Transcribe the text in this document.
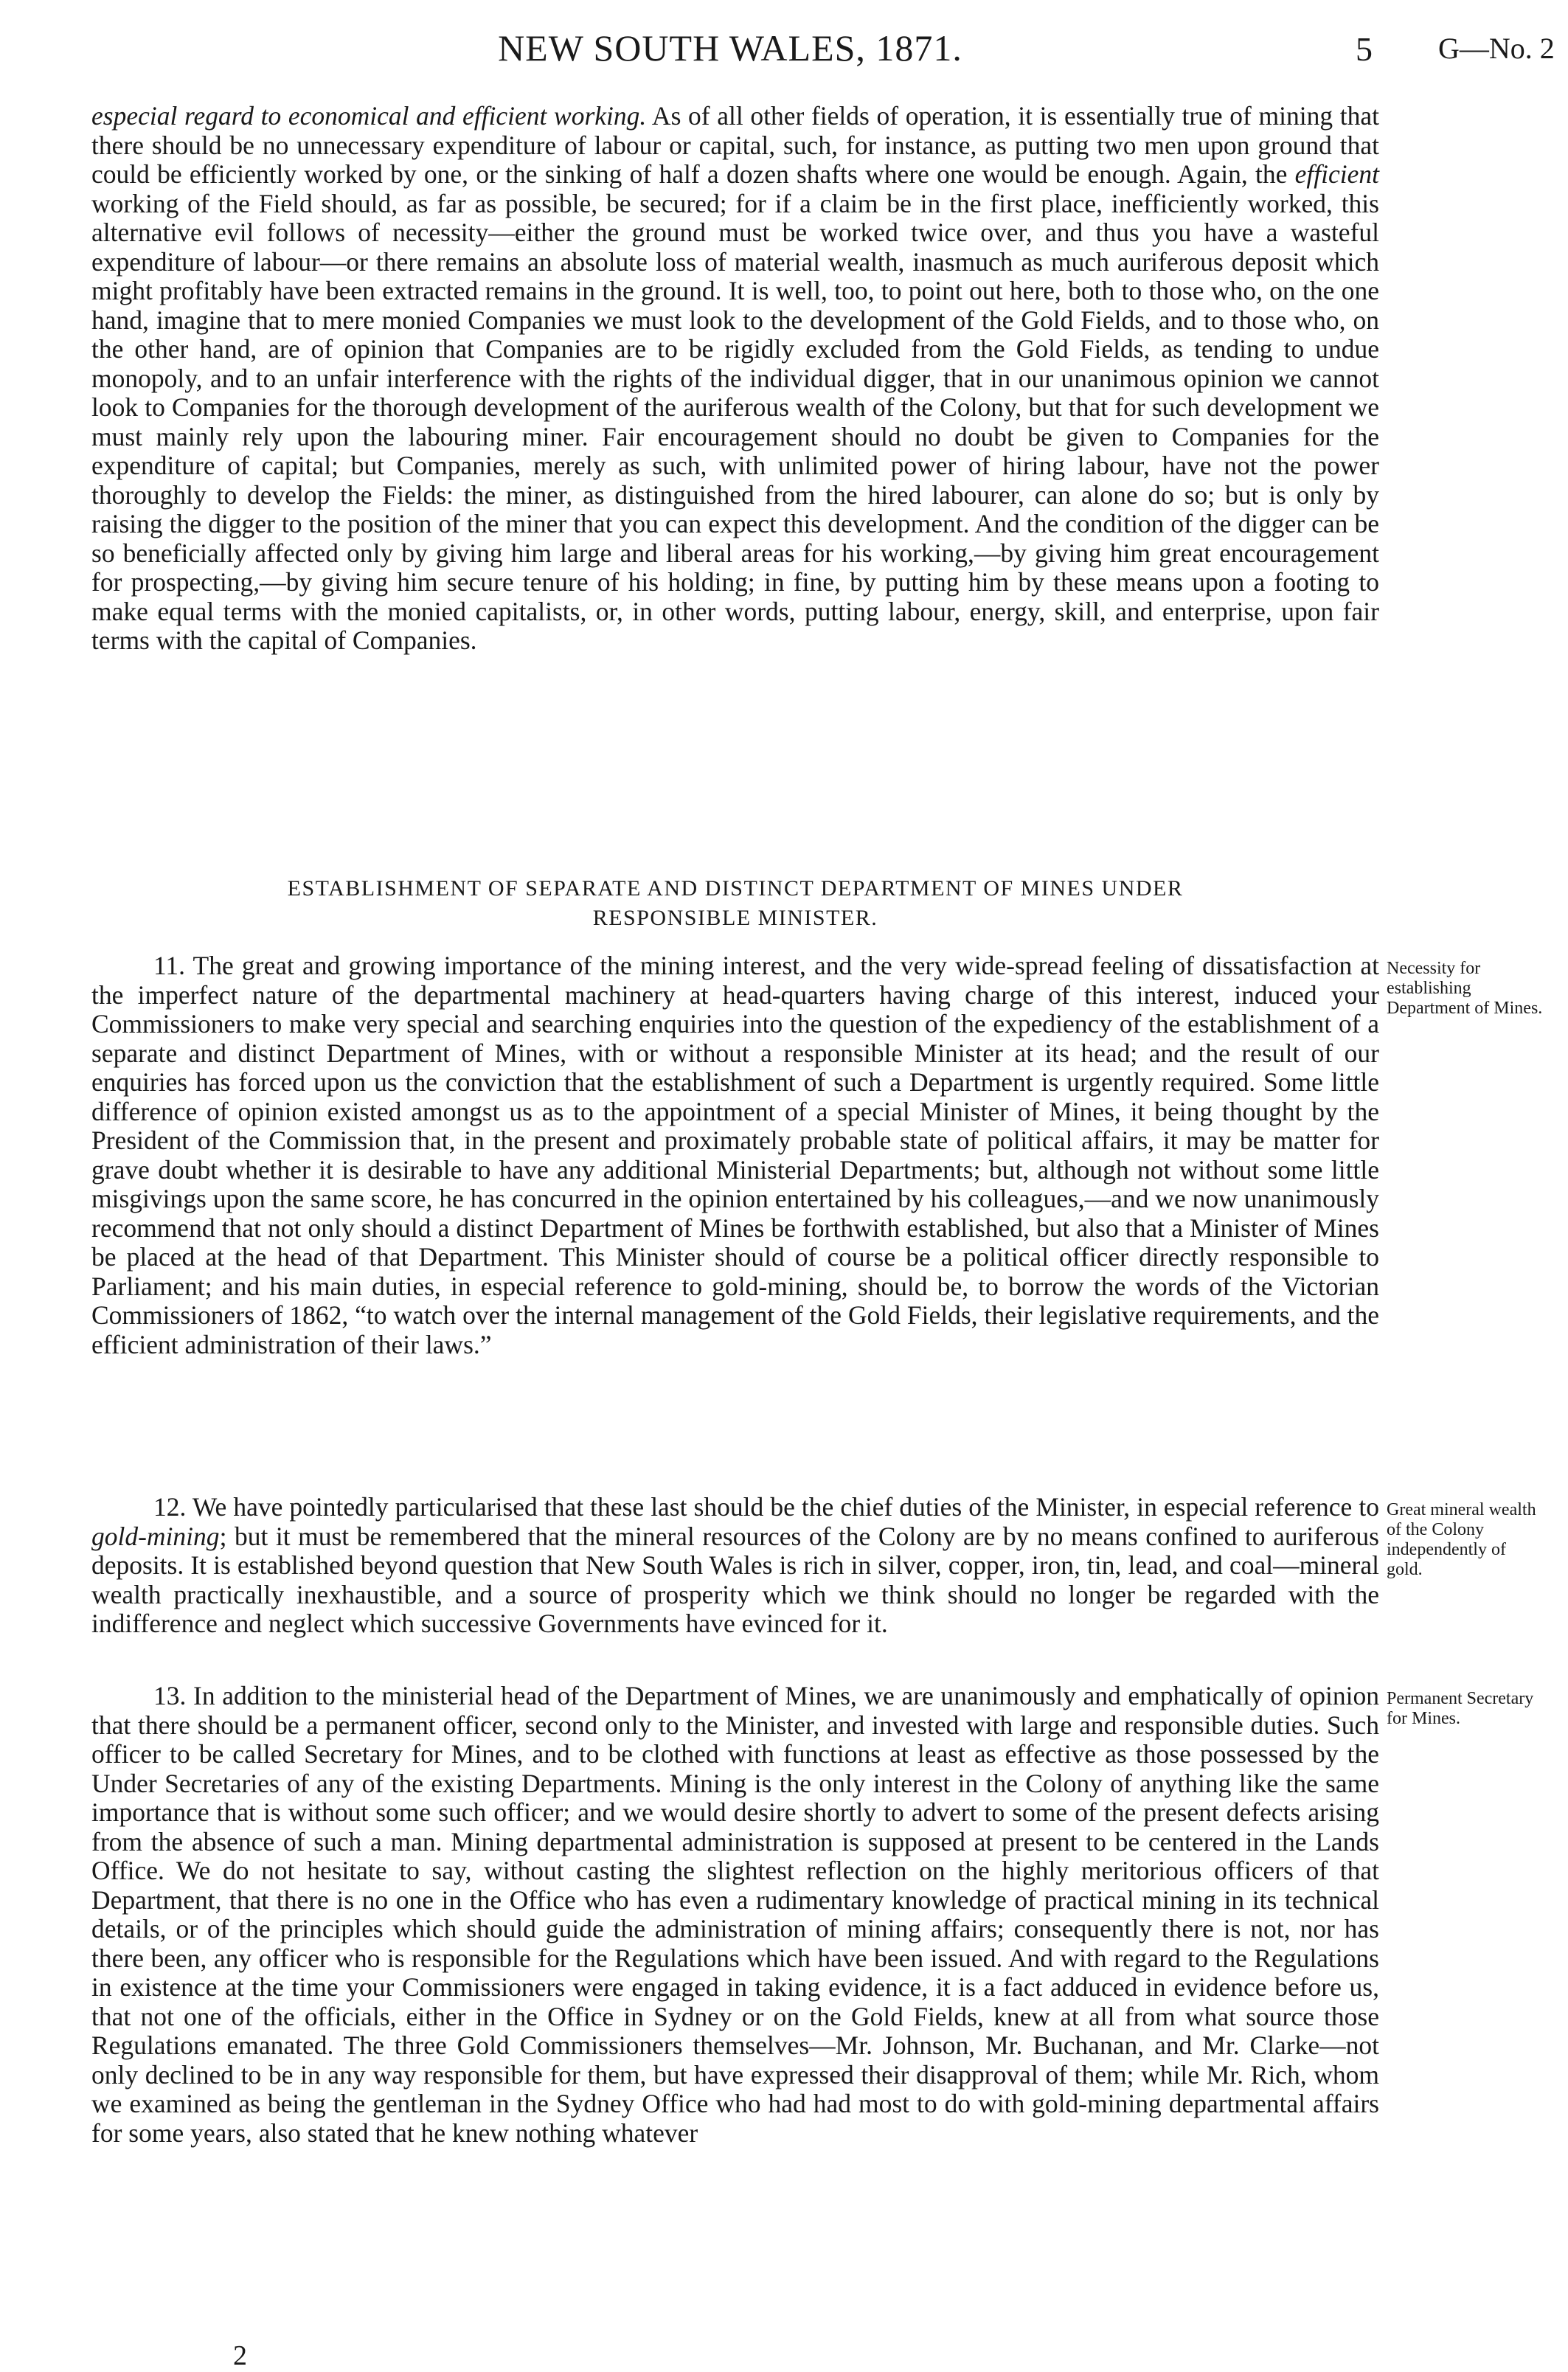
NEW SOUTH WALES, 1871.	5 G—No. 2

especial regard to economical and efficient working. As of all other fields of operation, it is essentially true of mining that there should be no unnecessary expenditure of labour or capital, such, for instance, as putting two men upon ground that could be efficiently worked by one, or the sinking of half a dozen shafts where one would be enough. Again, the efficient working of the Field should, as far as possible, be secured; for if a claim be in the first place, inefficiently worked, this alternative evil follows of necessity—either the ground must be worked twice over, and thus you have a wasteful expenditure of labour—or there remains an absolute loss of material wealth, inasmuch as much auriferous deposit which might profitably have been extracted remains in the ground. It is well, too, to point out here, both to those who, on the one hand, imagine that to mere monied Companies we must look to the development of the Gold Fields, and to those who, on the other hand, are of opinion that Companies are to be rigidly excluded from the Gold Fields, as tending to undue monopoly, and to an unfair interference with the rights of the individual digger, that in our unanimous opinion we cannot look to Companies for the thorough development of the auriferous wealth of the Colony, but that for such development we must mainly rely upon the labouring miner. Fair encouragement should no doubt be given to Companies for the expenditure of capital; but Companies, merely as such, with unlimited power of hiring labour, have not the power thoroughly to develop the Fields: the miner, as distinguished from the hired labourer, can alone do so; but is only by raising the digger to the position of the miner that you can expect this development. And the condition of the digger can be so beneficially affected only by giving him large and liberal areas for his working,—by giving him great encouragement for prospecting,—by giving him secure tenure of his holding; in fine, by putting him by these means upon a footing to make equal terms with the monied capitalists, or, in other words, putting labour, energy, skill, and enterprise, upon fair terms with the capital of Companies.

ESTABLISHMENT OF SEPARATE AND DISTINCT DEPARTMENT OF MINES UNDER
RESPONSIBLE MINISTER.

11. The great and growing importance of the mining interest, and the very wide-spread feeling of dissatisfaction at the imperfect nature of the departmental machinery at head-quarters having charge of this interest, induced your Commissioners to make very special and searching enquiries into the question of the expediency of the establishment of a separate and distinct Department of Mines, with or without a responsible Minister at its head; and the result of our enquiries has forced upon us the conviction that the establishment of such a Department is urgently required. Some little difference of opinion existed amongst us as to the appointment of a special Minister of Mines, it being thought by the President of the Commission that, in the present and proximately probable state of political affairs, it may be matter for grave doubt whether it is desirable to have any additional Ministerial Departments; but, although not without some little misgivings upon the same score, he has concurred in the opinion entertained by his colleagues,—and we now unanimously recommend that not only should a distinct Department of Mines be forthwith established, but also that a Minister of Mines be placed at the head of that Department. This Minister should of course be a political officer directly responsible to Parliament; and his main duties, in especial reference to gold-mining, should be, to borrow the words of the Victorian Commissioners of 1862, “to watch over the internal management of the Gold Fields, their legislative requirements, and the efficient administration of their laws.”

Necessity for establishing Department of Mines.

12. We have pointedly particularised that these last should be the chief duties of the Minister, in especial reference to gold-mining; but it must be remembered that the mineral resources of the Colony are by no means confined to auriferous deposits. It is established beyond question that New South Wales is rich in silver, copper, iron, tin, lead, and coal—mineral wealth practically inexhaustible, and a source of prosperity which we think should no longer be regarded with the indifference and neglect which successive Governments have evinced for it.

Great mineral wealth of the Colony independently of gold.

13. In addition to the ministerial head of the Department of Mines, we are unanimously and emphatically of opinion that there should be a permanent officer, second only to the Minister, and invested with large and responsible duties. Such officer to be called Secretary for Mines, and to be clothed with functions at least as effective as those possessed by the Under Secretaries of any of the existing Departments. Mining is the only interest in the Colony of anything like the same importance that is without some such officer; and we would desire shortly to advert to some of the present defects arising from the absence of such a man. Mining departmental administration is supposed at present to be centered in the Lands Office. We do not hesitate to say, without casting the slightest reflection on the highly meritorious officers of that Department, that there is no one in the Office who has even a rudimentary knowledge of practical mining in its technical details, or of the principles which should guide the administration of mining affairs; consequently there is not, nor has there been, any officer who is responsible for the Regulations which have been issued. And with regard to the Regulations in existence at the time your Commissioners were engaged in taking evidence, it is a fact adduced in evidence before us, that not one of the officials, either in the Office in Sydney or on the Gold Fields, knew at all from what source those Regulations emanated. The three Gold Commissioners themselves—Mr. Johnson, Mr. Buchanan, and Mr. Clarke—not only declined to be in any way responsible for them, but have expressed their disapproval of them; while Mr. Rich, whom we examined as being the gentleman in the Sydney Office who had had most to do with gold-mining departmental affairs for some years, also stated that he knew nothing whatever

Permanent Secretary for Mines.
2
